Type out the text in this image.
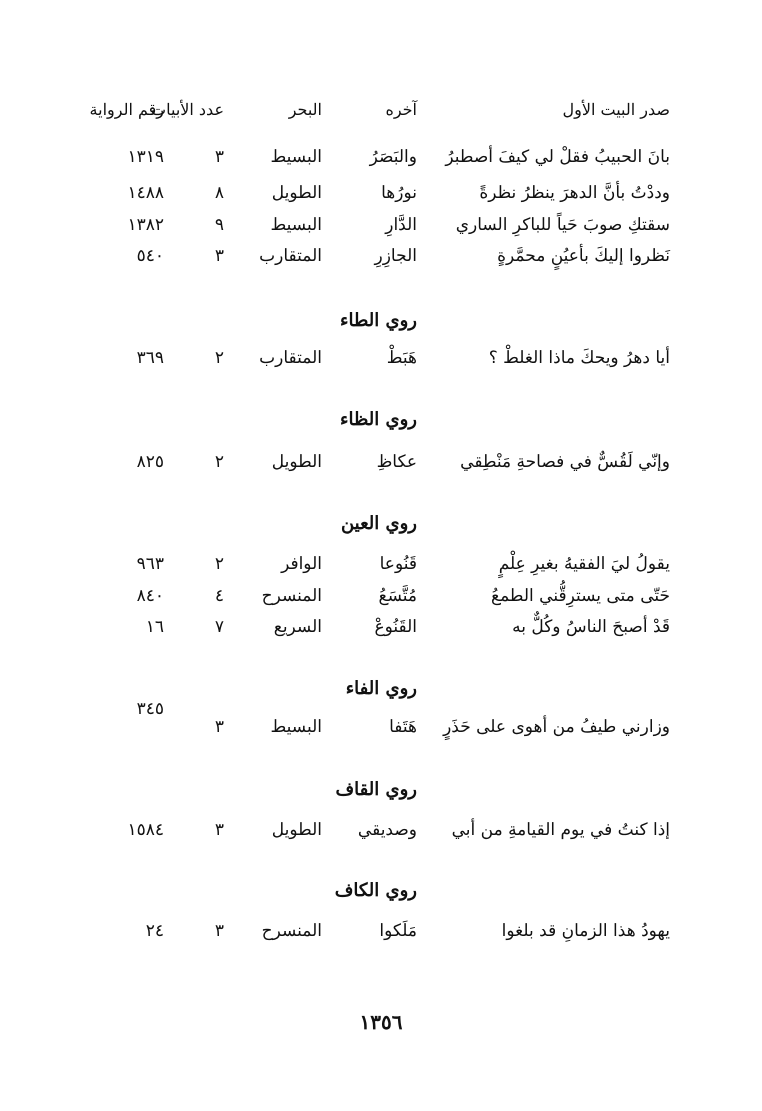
صدر البيت الأول
آخره
البحر
عدد الأبيات
رقم الرواية
بانَ الحبيبُ فقلْ لي كيفَ أصطبرُ
والبَصَرُ
البسيط
٣
١٣١٩
وددْتُ بأنَّ الدهرَ ينظرُ نظرةً
نورُها
الطويل
٨
١٤٨٨
سقتكِ صوبَ حَياً للباكرِ الساري
الدَّارِ
البسيط
٩
١٣٨٢
نَظروا إليكَ بأعيُنٍ محمَّرةٍ
الجازِرِ
المتقارب
٣
٥٤٠
روي الطاء
أيا دهرُ ويحكَ ماذا الغلطْ ؟
هَبَطْ
المتقارب
٢
٣٦٩
روي الظاء
وإنّي لَقُسٌّ في فصاحةِ مَنْطِقي
عكاظِ
الطويل
٢
٨٢٥
روي العين
يقولُ ليَ الفقيهُ بغيرِ عِلْمٍ
قَنُوعا
الوافر
٢
٩٦٣
حَتّى متى يسترِقُّني الطمعُ
مُتَّسَعُ
المنسرح
٤
٨٤٠
قَدْ أصبحَ الناسُ وكُلٌّ به
القَنُوعْ
السريع
٧
١٦
روي الفاء
وزارني طيفُ من أهوى على حَذَرٍ
هَتَفا
البسيط
٣
٣٤٥
روي القاف
إذا كنتُ في يوم القيامةِ من أبي
وصديقي
الطويل
٣
١٥٨٤
روي الكاف
يهودُ هذا الزمانِ قد بلغوا
مَلَكوا
المنسرح
٣
٢٤
١٣٥٦
